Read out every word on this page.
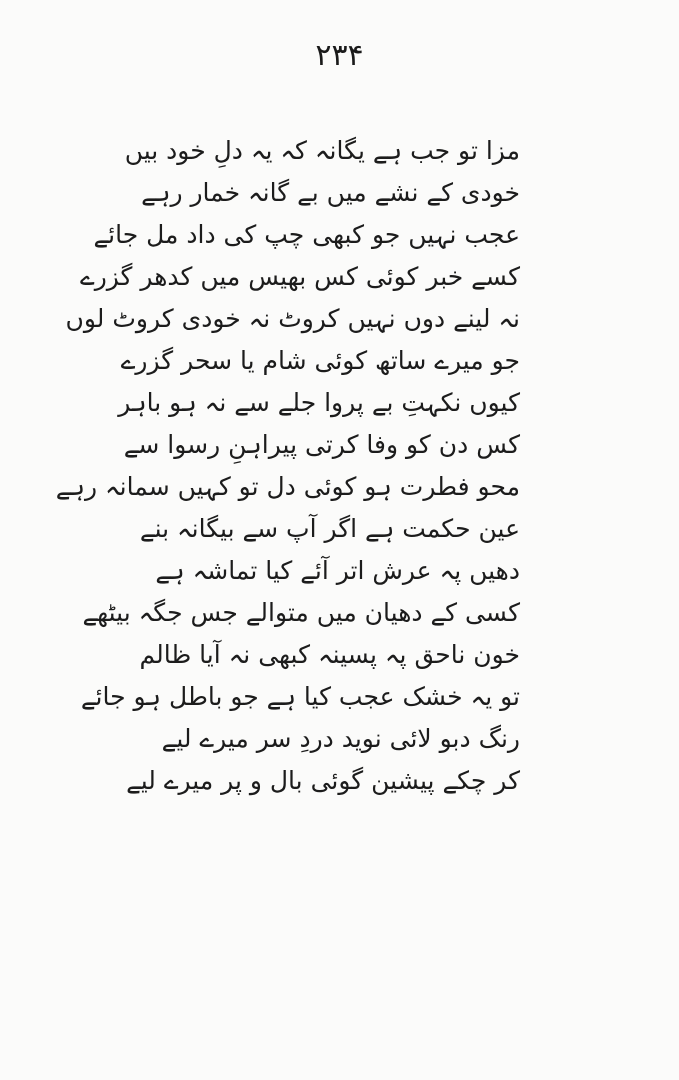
۲۳۴
مزا تو جب ہے یگانہ کہ یہ دلِ خود بیں
خودی کے نشے میں بے گانہ خمار رہے
عجب نہیں جو کبھی چپ کی داد مل جائے
کسے خبر کوئی کس بھیس میں کدھر گزرے
نہ لینے دوں نہیں کروٹ نہ خودی کروٹ لوں
جو میرے ساتھ کوئی شام یا سحر گزرے
کیوں نکہتِ بے پروا جلے سے نہ ہو باہر
کس دن کو وفا کرتی پیراہنِ رسوا سے
محو فطرت ہو کوئی دل تو کہیں سمانہ رہے
عین حکمت ہے اگر آپ سے بیگانہ بنے
دھیں پہ عرش اتر آئے کیا تماشہ ہے
کسی کے دھیان میں متوالے جس جگہ بیٹھے
خون ناحق پہ پسینہ کبھی نہ آیا ظالم
تو یہ خشک عجب کیا ہے جو باطل ہو جائے
رنگ دبو لائی نوید دردِ سر میرے لیے
کر چکے پیشین گوئی بال و پر میرے لیے
